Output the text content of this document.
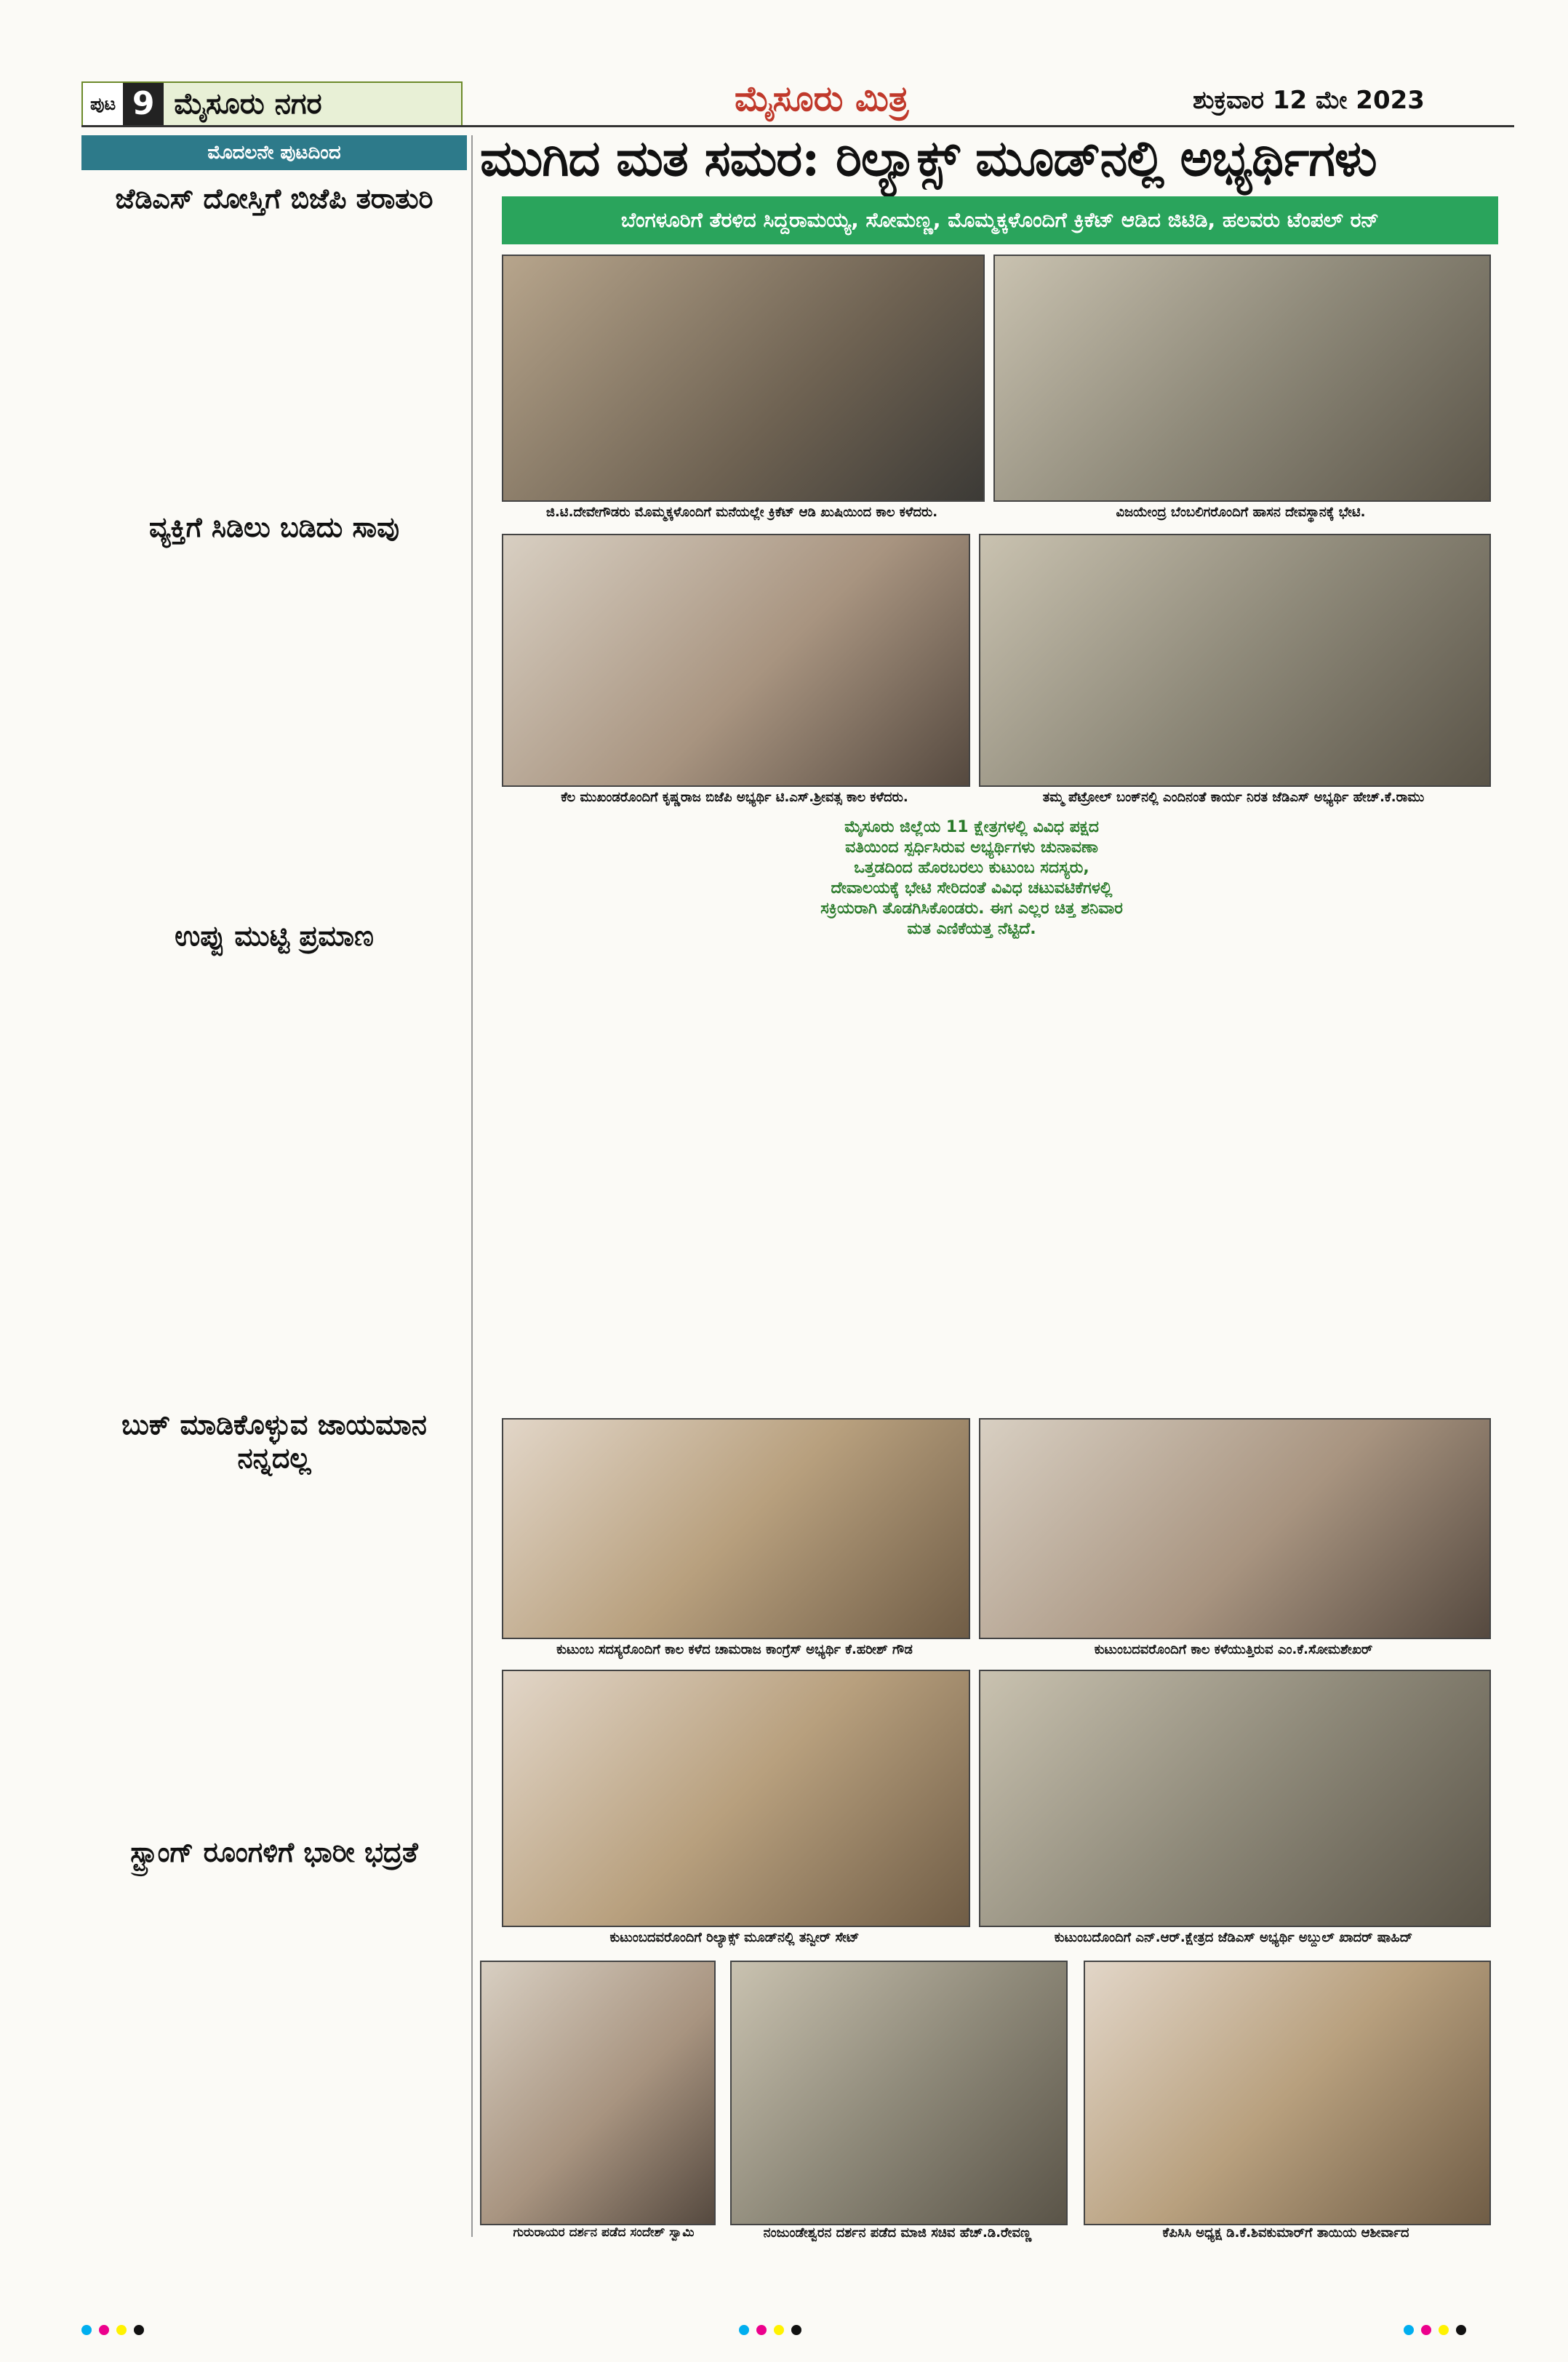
ಪುಟ 9 ಮೈಸೂರು ನಗರ	ಮೈಸೂರು ಮಿತ್ರ	ಶುಕ್ರವಾರ 12 ಮೇ 2023
ಮೊದಲನೇ ಪುಟದಿಂದ
ಜೆಡಿಎಸ್ ದೋಸ್ತಿಗೆ ಬಿಜೆಪಿ ತರಾತುರಿ
ವ್ಯಕ್ತಿಗೆ ಸಿಡಿಲು ಬಡಿದು ಸಾವು
ಉಪ್ಪು ಮುಟ್ಟಿ ಪ್ರಮಾಣ
ಬುಕ್ ಮಾಡಿಕೊಳ್ಳುವ ಜಾಯಮಾನ ನನ್ನದಲ್ಲ
ಸ್ಟ್ರಾಂಗ್ ರೂಂಗಳಿಗೆ ಭಾರೀ ಭದ್ರತೆ
ಮುಗಿದ ಮತ ಸಮರ: ರಿಲ್ಯಾಕ್ಸ್ ಮೂಡ್‌ನಲ್ಲಿ ಅಭ್ಯರ್ಥಿಗಳು
ಬೆಂಗಳೂರಿಗೆ ತೆರಳಿದ ಸಿದ್ದರಾಮಯ್ಯ, ಸೋಮಣ್ಣ, ಮೊಮ್ಮಕ್ಕಳೊಂದಿಗೆ ಕ್ರಿಕೆಟ್ ಆಡಿದ ಜಿಟಿಡಿ, ಹಲವರು ಟೆಂಪಲ್ ರನ್
ಜಿ.ಟಿ.ದೇವೇಗೌಡರು ಮೊಮ್ಮಕ್ಕಳೊಂದಿಗೆ ಮನೆಯಲ್ಲೇ ಕ್ರಿಕೆಟ್ ಆಡಿ ಖುಷಿಯಿಂದ ಕಾಲ ಕಳೆದರು.	ವಿಜಯೇಂದ್ರ ಬೆಂಬಲಿಗರೊಂದಿಗೆ ಹಾಸನ ದೇವಸ್ಥಾನಕ್ಕೆ ಭೇಟಿ.
ಕೆಲ ಮುಖಂಡರೊಂದಿಗೆ ಕೃಷ್ಣರಾಜ ಬಿಜೆಪಿ ಅಭ್ಯರ್ಥಿ ಟಿ.ಎಸ್.ಶ್ರೀವತ್ಸ ಕಾಲ ಕಳೆದರು.	ತಮ್ಮ ಪೆಟ್ರೋಲ್ ಬಂಕ್‌ನಲ್ಲಿ ಎಂದಿನಂತೆ ಕಾರ್ಯ ನಿರತ ಜೆಡಿಎಸ್ ಅಭ್ಯರ್ಥಿ ಹೇಚ್.ಕೆ.ರಾಮು
ಮೈಸೂರು ಜಿಲ್ಲೆಯ 11 ಕ್ಷೇತ್ರಗಳಲ್ಲಿ ವಿವಿಧ ಪಕ್ಷದ ವತಿಯಿಂದ ಸ್ಪರ್ಧಿಸಿರುವ ಅಭ್ಯರ್ಥಿಗಳು ಚುನಾವಣಾ ಒತ್ತಡದಿಂದ ಹೊರಬರಲು ಕುಟುಂಬ ಸದಸ್ಯರು, ದೇವಾಲಯಕ್ಕೆ ಭೇಟಿ ಸೇರಿದಂತೆ ವಿವಿಧ ಚಟುವಟಿಕೆಗಳಲ್ಲಿ ಸಕ್ರಿಯರಾಗಿ ತೊಡಗಿಸಿಕೊಂಡರು. ಈಗ ಎಲ್ಲರ ಚಿತ್ತ ಶನಿವಾರ ಮತ ಎಣಿಕೆಯತ್ತ ನೆಟ್ಟಿದೆ.
ಕುಟುಂಬ ಸದಸ್ಯರೊಂದಿಗೆ ಕಾಲ ಕಳೆದ ಚಾಮರಾಜ ಕಾಂಗ್ರೆಸ್ ಅಭ್ಯರ್ಥಿ ಕೆ.ಹರೀಶ್ ಗೌಡ	ಕುಟುಂಬದವರೊಂದಿಗೆ ಕಾಲ ಕಳೆಯುತ್ತಿರುವ ಎಂ.ಕೆ.ಸೋಮಶೇಖರ್
ಕುಟುಂಬದವರೊಂದಿಗೆ ರಿಲ್ಯಾಕ್ಸ್ ಮೂಡ್‌ನಲ್ಲಿ ತನ್ವೀರ್ ಸೇಟ್	ಕುಟುಂಬದೊಂದಿಗೆ ಎನ್.ಆರ್.ಕ್ಷೇತ್ರದ ಜೆಡಿಎಸ್ ಅಭ್ಯರ್ಥಿ ಅಬ್ದುಲ್ ಖಾದರ್ ಷಾಹಿದ್
ಗುರುರಾಯರ ದರ್ಶನ ಪಡೆದ ಸಂದೇಶ್ ಸ್ವಾಮಿ	ನಂಜುಂಡೇಶ್ವರನ ದರ್ಶನ ಪಡೆದ ಮಾಜಿ ಸಚಿವ ಹೆಚ್.ಡಿ.ರೇವಣ್ಣ	ಕೆಪಿಸಿಸಿ ಅಧ್ಯಕ್ಷ ಡಿ.ಕೆ.ಶಿವಕುಮಾರ್‌ಗೆ ತಾಯಿಯ ಆಶೀರ್ವಾದ
